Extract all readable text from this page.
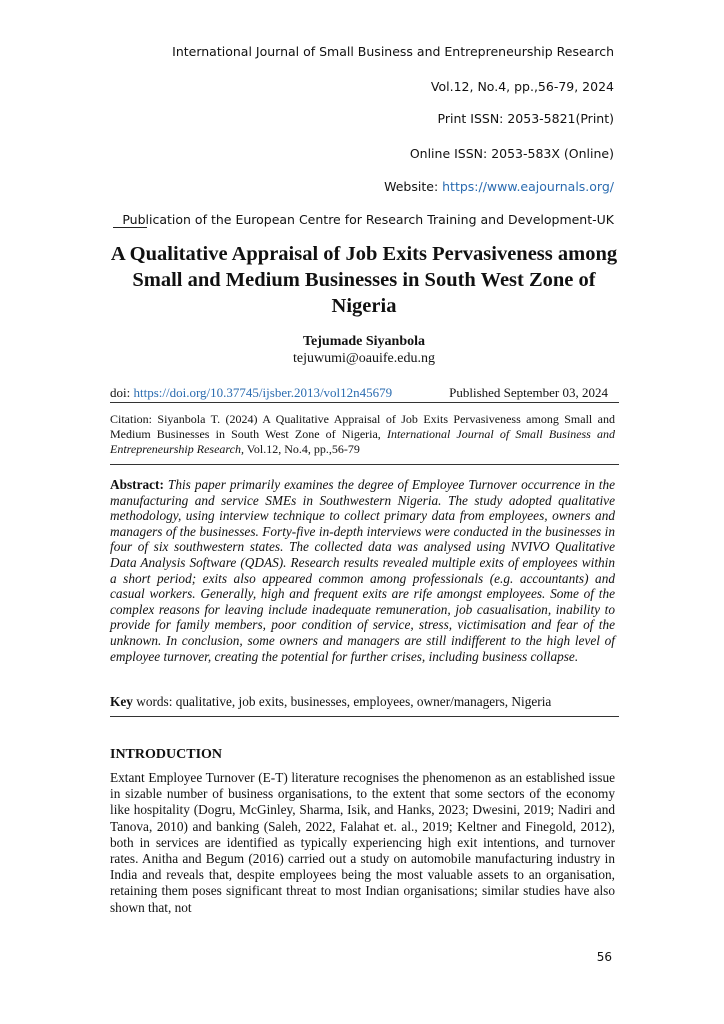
International Journal of Small Business and Entrepreneurship Research
Vol.12, No.4, pp.,56-79, 2024
Print ISSN: 2053-5821(Print)
Online ISSN: 2053-583X (Online)
Website: https://www.eajournals.org/
Publication of the European Centre for Research Training and Development-UK
A Qualitative Appraisal of Job Exits Pervasiveness among Small and Medium Businesses in South West Zone of Nigeria
Tejumade Siyanbola
tejuwumi@oauife.edu.ng
doi: https://doi.org/10.37745/ijsber.2013/vol12n45679	Published September 03, 2024
Citation: Siyanbola T. (2024) A Qualitative Appraisal of Job Exits Pervasiveness among Small and Medium Businesses in South West Zone of Nigeria, International Journal of Small Business and Entrepreneurship Research, Vol.12, No.4, pp.,56-79
Abstract: This paper primarily examines the degree of Employee Turnover occurrence in the manufacturing and service SMEs in Southwestern Nigeria. The study adopted qualitative methodology, using interview technique to collect primary data from employees, owners and managers of the businesses. Forty-five in-depth interviews were conducted in the businesses in four of six southwestern states. The collected data was analysed using NVIVO Qualitative Data Analysis Software (QDAS). Research results revealed multiple exits of employees within a short period; exits also appeared common among professionals (e.g. accountants) and casual workers. Generally, high and frequent exits are rife amongst employees. Some of the complex reasons for leaving include inadequate remuneration, job casualisation, inability to provide for family members, poor condition of service, stress, victimisation and fear of the unknown. In conclusion, some owners and managers are still indifferent to the high level of employee turnover, creating the potential for further crises, including business collapse.
Key words: qualitative, job exits, businesses, employees, owner/managers, Nigeria
INTRODUCTION
Extant Employee Turnover (E-T) literature recognises the phenomenon as an established issue in sizable number of business organisations, to the extent that some sectors of the economy like hospitality (Dogru, McGinley, Sharma, Isik, and Hanks, 2023; Dwesini, 2019; Nadiri and Tanova, 2010) and banking (Saleh, 2022, Falahat et. al., 2019; Keltner and Finegold, 2012), both in services are identified as typically experiencing high exit intentions, and turnover rates. Anitha and Begum (2016) carried out a study on automobile manufacturing industry in India and reveals that, despite employees being the most valuable assets to an organisation, retaining them poses significant threat to most Indian organisations; similar studies have also shown that, not
56
